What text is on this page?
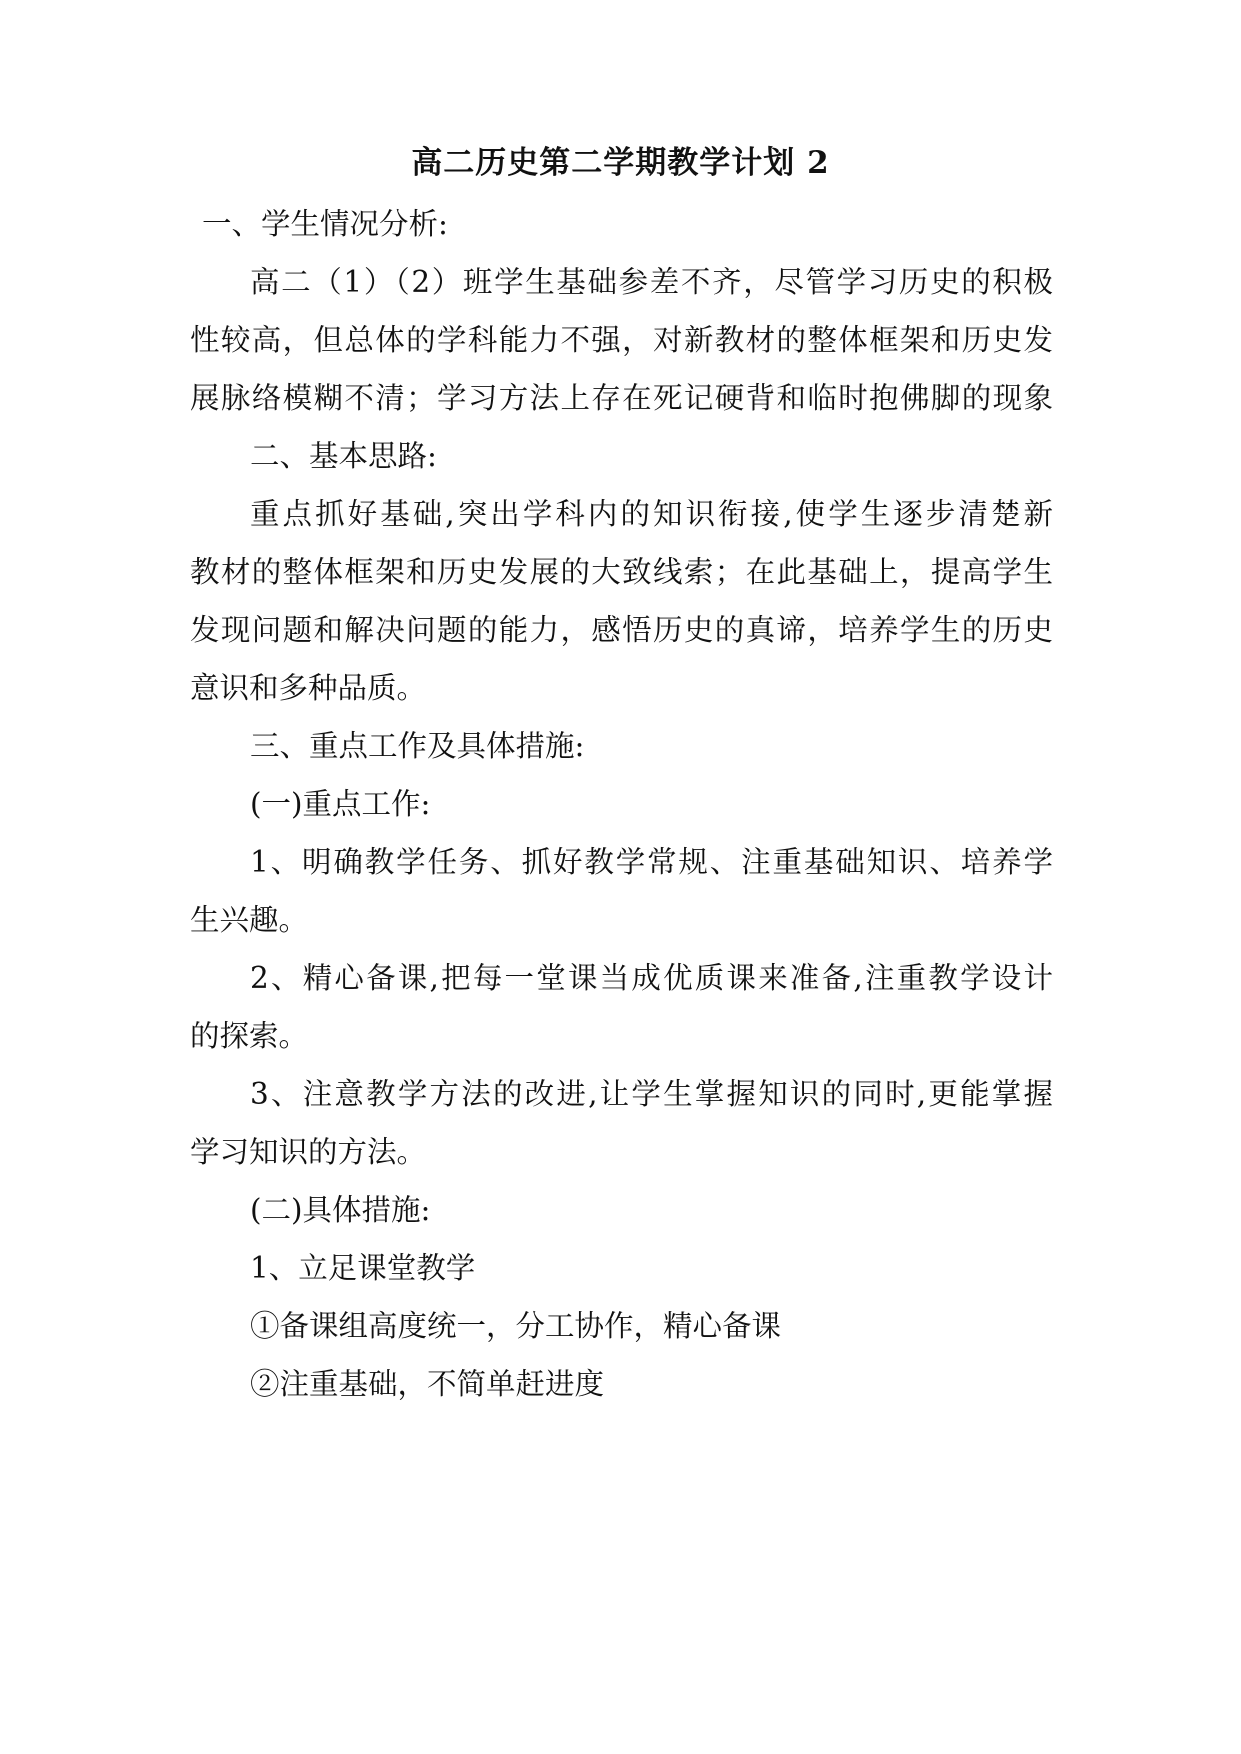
高二历史第二学期教学计划 2
一、学生情况分析:
高二（1）（2）班学生基础参差不齐，尽管学习历史的积极
性较高，但总体的学科能力不强，对新教材的整体框架和历史发
展脉络模糊不清；学习方法上存在死记硬背和临时抱佛脚的现象
二、基本思路:
重点抓好基础,突出学科内的知识衔接,使学生逐步清楚新
教材的整体框架和历史发展的大致线索；在此基础上，提高学生
发现问题和解决问题的能力，感悟历史的真谛，培养学生的历史
意识和多种品质。
三、重点工作及具体措施:
(一)重点工作:
1、明确教学任务、抓好教学常规、注重基础知识、培养学
生兴趣。
2、精心备课,把每一堂课当成优质课来准备,注重教学设计
的探索。
3、注意教学方法的改进,让学生掌握知识的同时,更能掌握
学习知识的方法。
(二)具体措施:
1、立足课堂教学
①备课组高度统一，分工协作，精心备课
②注重基础，不简单赶进度
